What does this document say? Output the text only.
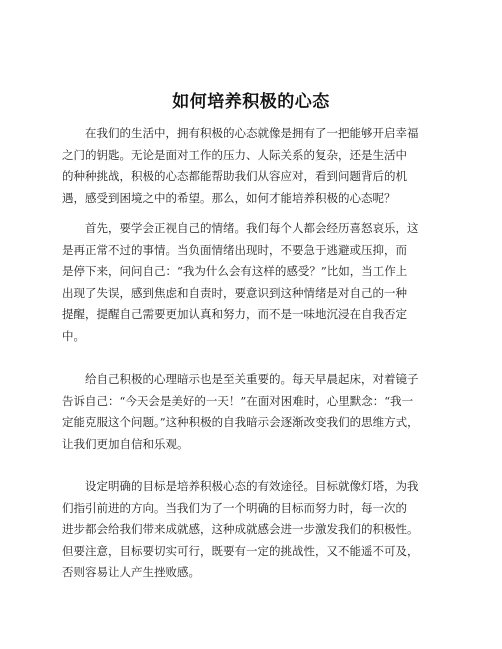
如何培养积极的心态
在我们的生活中，拥有积极的心态就像是拥有了一把能够开启幸福
之门的钥匙。无论是面对工作的压力、人际关系的复杂，还是生活中
的种种挑战，积极的心态都能帮助我们从容应对，看到问题背后的机
遇，感受到困境之中的希望。那么，如何才能培养积极的心态呢？
首先，要学会正视自己的情绪。我们每个人都会经历喜怒哀乐，这
是再正常不过的事情。当负面情绪出现时，不要急于逃避或压抑，而
是停下来，问问自己：“我为什么会有这样的感受？”比如，当工作上
出现了失误，感到焦虑和自责时，要意识到这种情绪是对自己的一种
提醒，提醒自己需要更加认真和努力，而不是一味地沉浸在自我否定
中。
给自己积极的心理暗示也是至关重要的。每天早晨起床，对着镜子
告诉自己：“今天会是美好的一天！”在面对困难时，心里默念：“我一
定能克服这个问题。”这种积极的自我暗示会逐渐改变我们的思维方式，
让我们更加自信和乐观。
设定明确的目标是培养积极心态的有效途径。目标就像灯塔，为我
们指引前进的方向。当我们为了一个明确的目标而努力时，每一次的
进步都会给我们带来成就感，这种成就感会进一步激发我们的积极性。
但要注意，目标要切实可行，既要有一定的挑战性，又不能遥不可及，
否则容易让人产生挫败感。
